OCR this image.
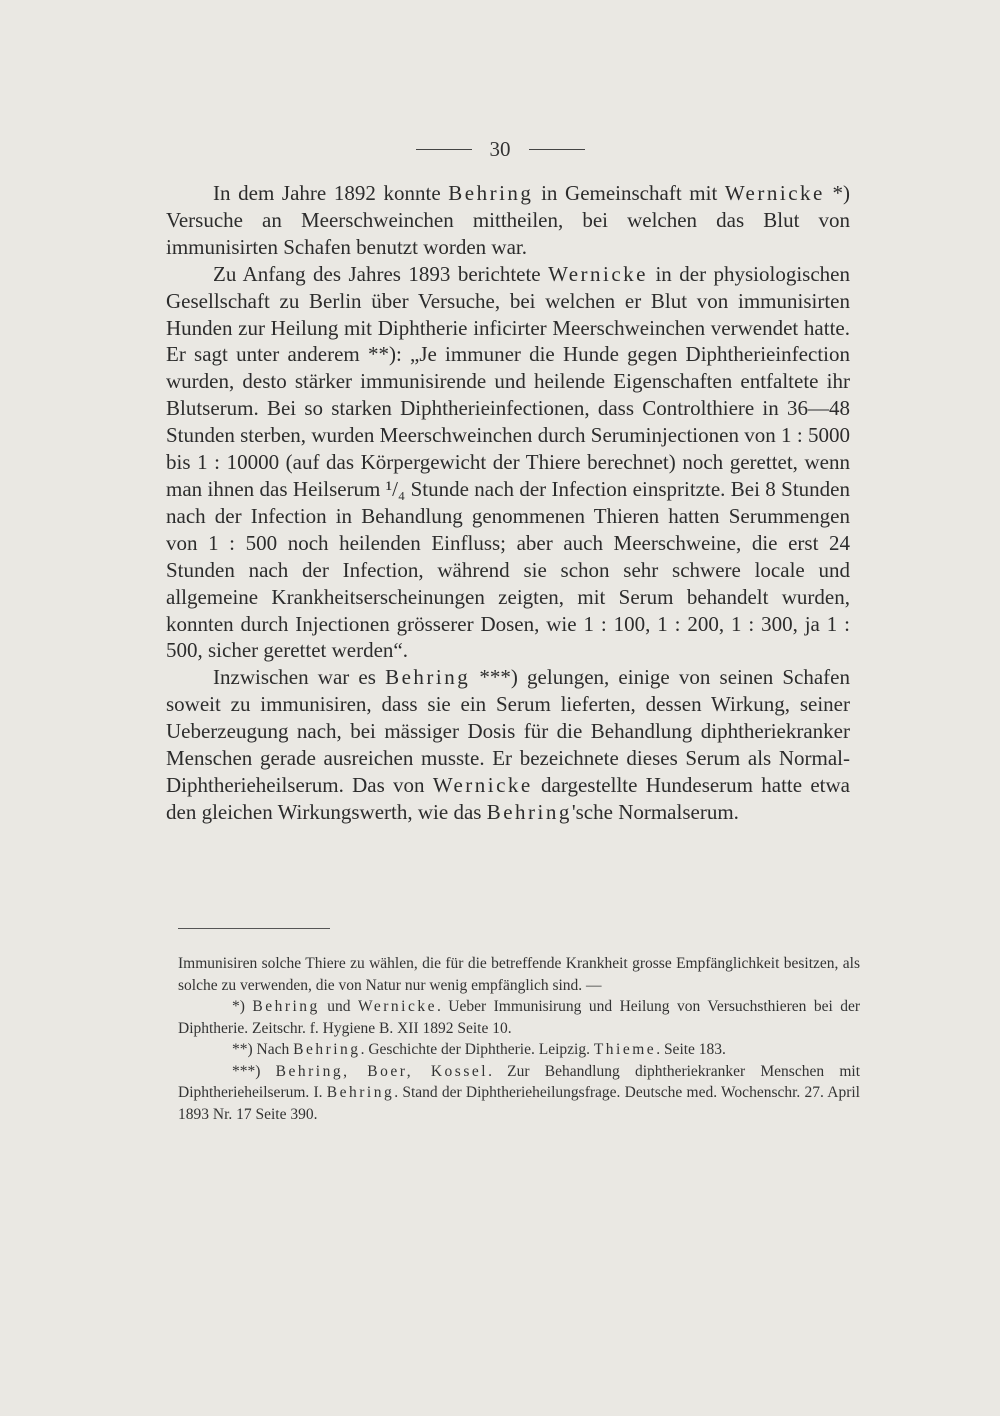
30

In dem Jahre 1892 konnte Behring in Gemeinschaft mit Wernicke *) Versuche an Meerschweinchen mittheilen, bei welchen das Blut von immunisirten Schafen benutzt worden war.

Zu Anfang des Jahres 1893 berichtete Wernicke in der physiologischen Gesellschaft zu Berlin über Versuche, bei welchen er Blut von immunisirten Hunden zur Heilung mit Diphtherie inficirter Meerschweinchen verwendet hatte. Er sagt unter anderem **): „Je immuner die Hunde gegen Diphtherieinfection wurden, desto stärker immunisirende und heilende Eigenschaften entfaltete ihr Blutserum. Bei so starken Diphtherieinfectionen, dass Controlthiere in 36—48 Stunden sterben, wurden Meerschweinchen durch Seruminjectionen von 1 : 5000 bis 1 : 10000 (auf das Körpergewicht der Thiere berechnet) noch gerettet, wenn man ihnen das Heilserum ¹/₄ Stunde nach der Infection einspritzte. Bei 8 Stunden nach der Infection in Behandlung genommenen Thieren hatten Serummengen von 1 : 500 noch heilenden Einfluss; aber auch Meerschweine, die erst 24 Stunden nach der Infection, während sie schon sehr schwere locale und allgemeine Krankheitserscheinungen zeigten, mit Serum behandelt wurden, konnten durch Injectionen grösserer Dosen, wie 1 : 100, 1 : 200, 1 : 300, ja 1 : 500, sicher gerettet werden“.

Inzwischen war es Behring ***) gelungen, einige von seinen Schafen soweit zu immunisiren, dass sie ein Serum lieferten, dessen Wirkung, seiner Ueberzeugung nach, bei mässiger Dosis für die Behandlung diphtheriekranker Menschen gerade ausreichen musste. Er bezeichnete dieses Serum als Normal-Diphtherieheilserum. Das von Wernicke dargestellte Hundeserum hatte etwa den gleichen Wirkungswerth, wie das Behring'sche Normalserum.

Immunisiren solche Thiere zu wählen, die für die betreffende Krankheit grosse Empfänglichkeit besitzen, als solche zu verwenden, die von Natur nur wenig empfänglich sind. —

*) Behring und Wernicke. Ueber Immunisirung und Heilung von Versuchsthieren bei der Diphtherie. Zeitschr. f. Hygiene B. XII 1892 Seite 10.

**) Nach Behring. Geschichte der Diphtherie. Leipzig. Thieme. Seite 183.

***) Behring, Boer, Kossel. Zur Behandlung diphtheriekranker Menschen mit Diphtherieheilserum. I. Behring. Stand der Diphtherieheilungsfrage. Deutsche med. Wochenschr. 27. April 1893 Nr. 17 Seite 390.
